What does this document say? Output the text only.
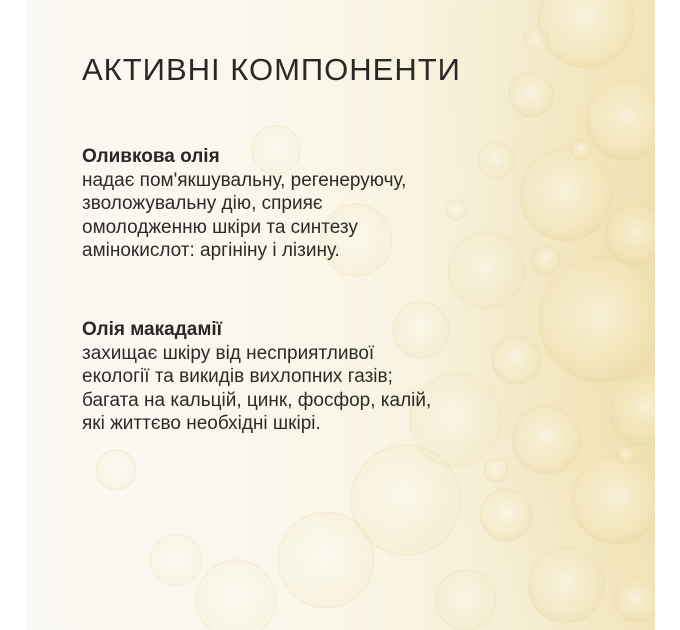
АКТИВНІ КОМПОНЕНТИ
Оливкова олія
надає пом'якшувальну, регенеруючу,
зволожувальну дію, сприяє
омолодженню шкіри та синтезу
амінокислот: аргініну і лізину.
Олія макадамії
захищає шкіру від несприятливої
екології та викидів вихлопних газів;
багата на кальцій, цинк, фосфор, калій,
які життєво необхідні шкірі.
